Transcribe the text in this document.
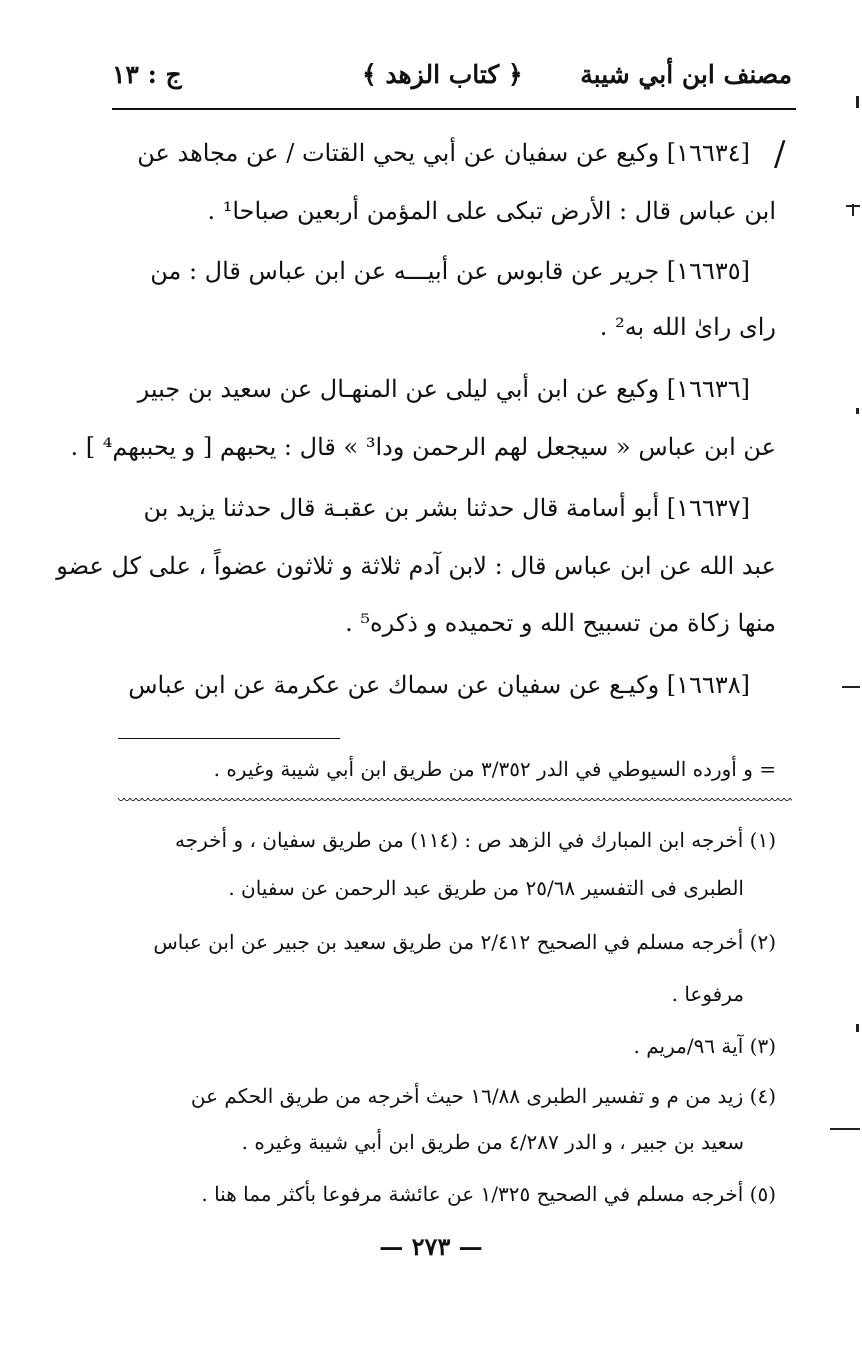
مصنف ابن أبي شيبة
﴿ كتاب الزهد ﴾
ج : ١٣
/
[١٦٦٣٤] وكيع عن سفيان عن أبي يحي القتات / عن مجاهد عن
ابن عباس قال : الأرض تبكى على المؤمن أربعين صباحا¹ .
[١٦٦٣٥] جرير عن قابوس عن أبيـــه عن ابن عباس قال : من
رای رایٰ الله به² .
[١٦٦٣٦] وكيع عن ابن أبي ليلى عن المنهـال عن سعيد بن جبير
عن ابن عباس « سيجعل لهم الرحمن ودا³ » قال : يحبهم [ و يحببهم⁴ ] .
[١٦٦٣٧] أبو أسامة قال حدثنا بشر بن عقبـة قال حدثنا يزيد بن
عبد الله عن ابن عباس قال : لابن آدم ثلاثة و ثلاثون عضواً ، على كل عضو
منها زكاة من تسبيح الله و تحميده و ذكره⁵ .
[١٦٦٣٨] وكيـع عن سفيان عن سماك عن عكرمة عن ابن عباس
= و أورده السيوطي في الدر ٣/٣٥٢ من طريق ابن أبي شيبة وغيره .
(١) أخرجه ابن المبارك في الزهد ص : (١١٤) من طريق سفيان ، و أخرجه
الطبرى فى التفسير ٢٥/٦٨ من طريق عبد الرحمن عن سفيان .
(٢) أخرجه مسلم في الصحيح ٢/٤١٢ من طريق سعيد بن جبير عن ابن عباس
مرفوعا .
(٣) آية ٩٦/مريم .
(٤) زيد من م و تفسير الطبرى ١٦/٨٨ حيث أخرجه من طريق الحكم عن
سعيد بن جبير ، و الدر ٤/٢٨٧ من طريق ابن أبي شيبة وغيره .
(٥) أخرجه مسلم في الصحيح ١/٣٢٥ عن عائشة مرفوعا بأكثر مما هنا .
— ٢٧٣ —
